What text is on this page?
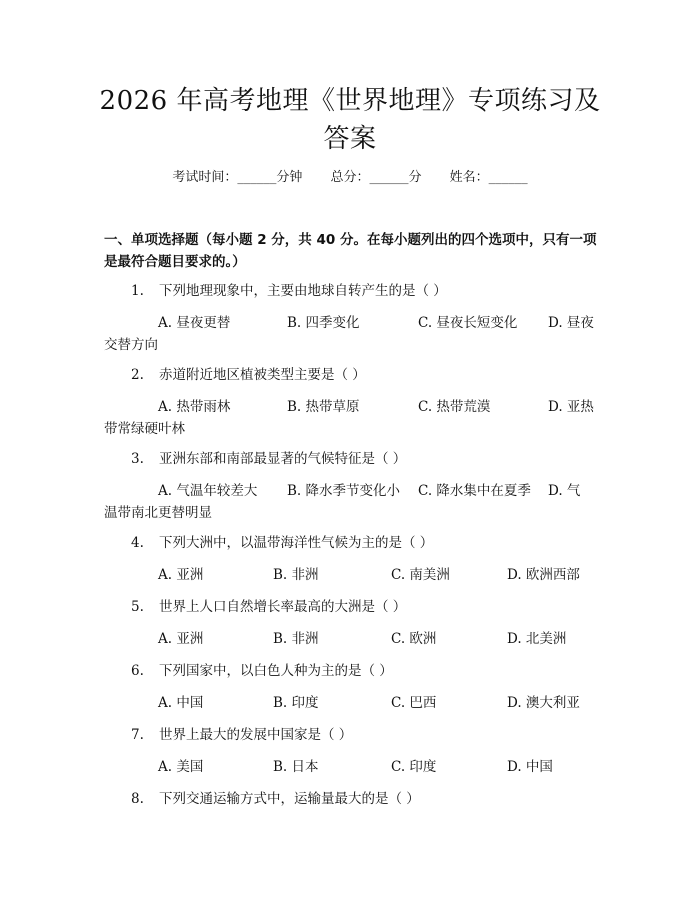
2026 年高考地理《世界地理》专项练习及答案
考试时间：______分钟 总分：______分 姓名：______
一、单项选择题（每小题 2 分，共 40 分。在每小题列出的四个选项中，只有一项是最符合题目要求的。）
1. 下列地理现象中，主要由地球自转产生的是（ ）
A. 昼夜更替	B. 四季变化	C. 昼夜长短变化 D. 昼夜
交替方向
2. 赤道附近地区植被类型主要是（ ）
A. 热带雨林	B. 热带草原	C. 热带荒漠	D. 亚热
带常绿硬叶林
3. 亚洲东部和南部最显著的气候特征是（ ）
A. 气温年较差大 B. 降水季节变化小 C. 降水集中在夏季 D. 气
温带南北更替明显
4. 下列大洲中，以温带海洋性气候为主的是（ ）
A. 亚洲	B. 非洲	C. 南美洲	D. 欧洲西部
5. 世界上人口自然增长率最高的大洲是（ ）
A. 亚洲	B. 非洲	C. 欧洲	D. 北美洲
6. 下列国家中，以白色人种为主的是（ ）
A. 中国	B. 印度	C. 巴西	D. 澳大利亚
7. 世界上最大的发展中国家是（ ）
A. 美国	B. 日本	C. 印度	D. 中国
8. 下列交通运输方式中，运输量最大的是（ ）
